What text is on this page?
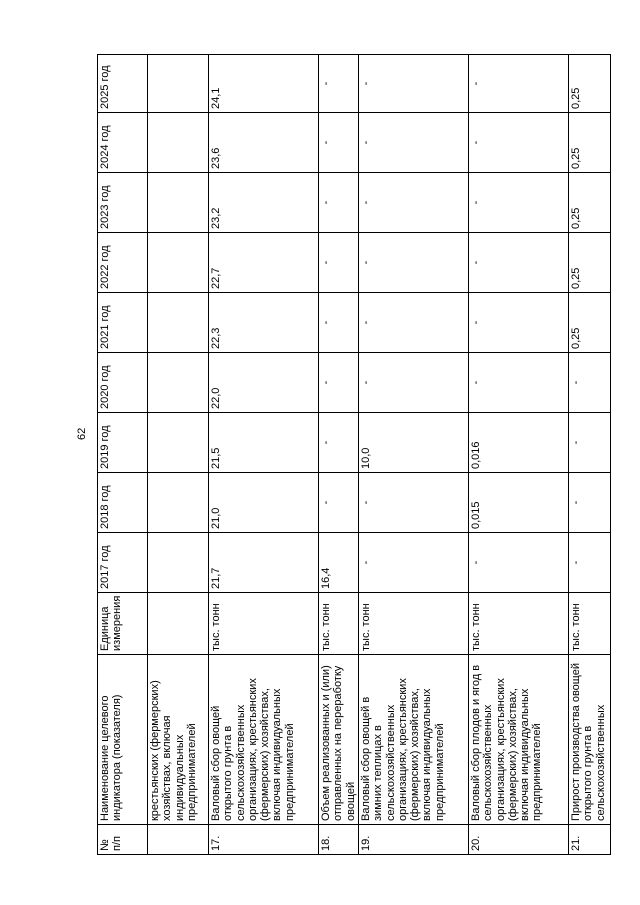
62
№ п/п	Наименование целевого индикатора (показателя)	Единица измерения	2017 год	2018 год	2019 год	2020 год	2021 год	2022 год	2023 год	2024 год	2025 год
	крестьянских (фермерских) хозяйствах, включая индивидуальных предпринимателей										
17.	Валовый сбор овощей открытого грунта в сельскохозяйственных организациях, крестьянских (фермерских) хозяйствах, включая индивидуальных предпринимателей	тыс. тонн	21,7	21,0	21,5	22,0	22,3	22,7	23,2	23,6	24,1
18.	Объем реализованных и (или) отправленных на переработку овощей	тыс. тонн	16,4	-	-	-	-	-	-	-	-
19.	Валовый сбор овощей в зимних теплицах в сельскохозяйственных организациях, крестьянских (фермерских) хозяйствах, включая индивидуальных предпринимателей	тыс. тонн	-	-	10,0	-	-	-	-	-	-
20.	Валовый сбор плодов и ягод в сельскохозяйственных организациях, крестьянских (фермерских) хозяйствах, включая индивидуальных предпринимателей	тыс. тонн	-	0,015	0,016	-	-	-	-	-	-
21.	Прирост производства овощей открытого грунта в сельскохозяйственных	тыс. тонн	-	-	-	-	0,25	0,25	0,25	0,25	0,25
